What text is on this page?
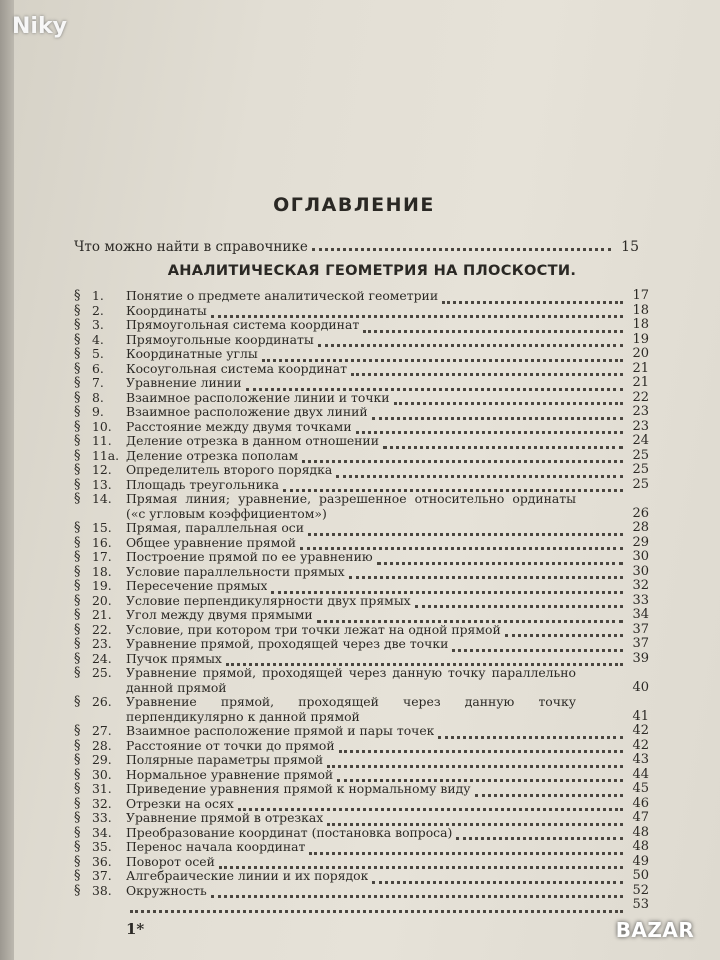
ОГЛАВЛЕНИЕ
Что можно найти в справочнике	15
АНАЛИТИЧЕСКАЯ ГЕОМЕТРИЯ НА ПЛОСКОСТИ.
§ 1.	Понятие о предмете аналитической геометрии	17
§ 2.	Координаты	18
§ 3.	Прямоугольная система координат	18
§ 4.	Прямоугольные координаты	19
§ 5.	Координатные углы	20
§ 6.	Косоугольная система координат	21
§ 7.	Уравнение линии	21
§ 8.	Взаимное расположение линии и точки	22
§ 9.	Взаимное расположение двух линий	23
§ 10.	Расстояние между двумя точками	23
§ 11.	Деление отрезка в данном отношении	24
§ 11a. Деление отрезка пополам	25
§ 12.	Определитель второго порядка	25
§ 13.	Площадь треугольника	25
§ 14.	Прямая линия; уравнение, разрешенное относительно ординаты («с угловым коэффициентом»)	26
§ 15.	Прямая, параллельная оси	28
§ 16.	Общее уравнение прямой	29
§ 17.	Построение прямой по ее уравнению	30
§ 18.	Условие параллельности прямых	30
§ 19.	Пересечение прямых	32
§ 20.	Условие перпендикулярности двух прямых	33
§ 21.	Угол между двумя прямыми	34
§ 22.	Условие, при котором три точки лежат на одной прямой	37
§ 23.	Уравнение прямой, проходящей через две точки	37
§ 24.	Пучок прямых	39
§ 25.	Уравнение прямой, проходящей через данную точку параллельно данной прямой	40
§ 26.	Уравнение прямой, проходящей через данную точку перпендикулярно к данной прямой	41
§ 27.	Взаимное расположение прямой и пары точек	42
§ 28.	Расстояние от точки до прямой	42
§ 29.	Полярные параметры прямой	43
§ 30.	Нормальное уравнение прямой	44
§ 31.	Приведение уравнения прямой к нормальному виду	45
§ 32.	Отрезки на осях	46
§ 33.	Уравнение прямой в отрезках	47
§ 34.	Преобразование координат (постановка вопроса)	48
§ 35.	Перенос начала координат	48
§ 36.	Поворот осей	49
§ 37.	Алгебраические линии и их порядок	50
§ 38.	Окружность	52
53
1*
Niky
BAZAR
